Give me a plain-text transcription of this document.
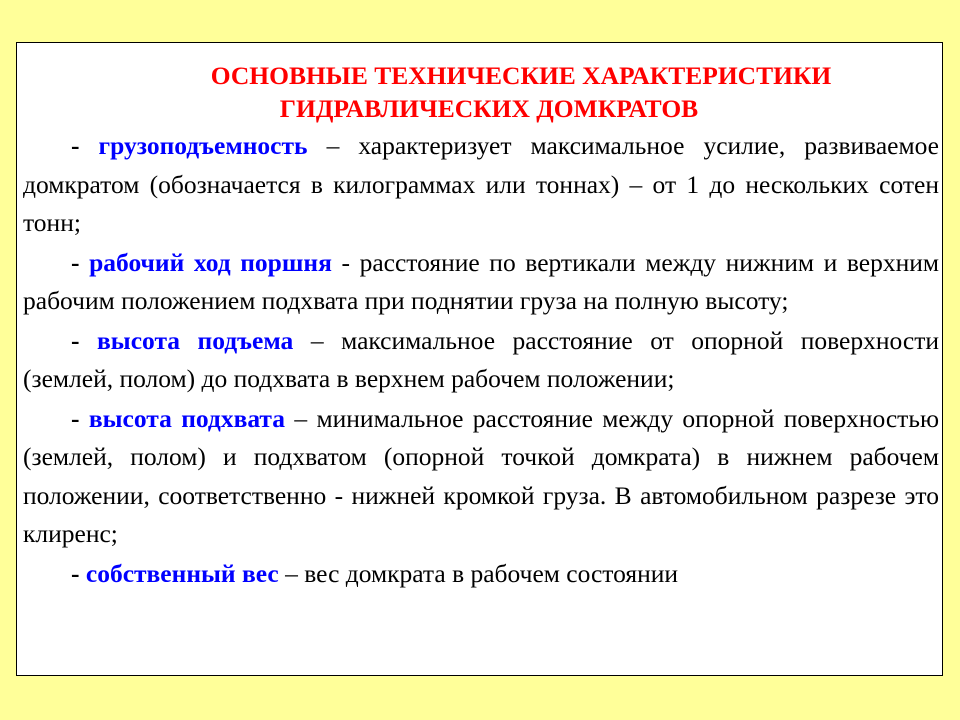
ОСНОВНЫЕ ТЕХНИЧЕСКИЕ ХАРАКТЕРИСТИКИ
ГИДРАВЛИЧЕСКИХ ДОМКРАТОВ

- грузоподъемность – характеризует максимальное усилие, развиваемое домкратом (обозначается в килограммах или тоннах) – от 1 до нескольких сотен тонн;

- рабочий ход поршня - расстояние по вертикали между нижним и верхним рабочим положением подхвата при поднятии груза на полную высоту;

- высота подъема – максимальное расстояние от опорной поверхности (землей, полом) до подхвата в верхнем рабочем положении;

- высота подхвата – минимальное расстояние между опорной поверхностью (землей, полом) и подхватом (опорной точкой домкрата) в нижнем рабочем положении, соответственно - нижней кромкой груза. В автомобильном разрезе это клиренс;

- собственный вес – вес домкрата в рабочем состоянии
